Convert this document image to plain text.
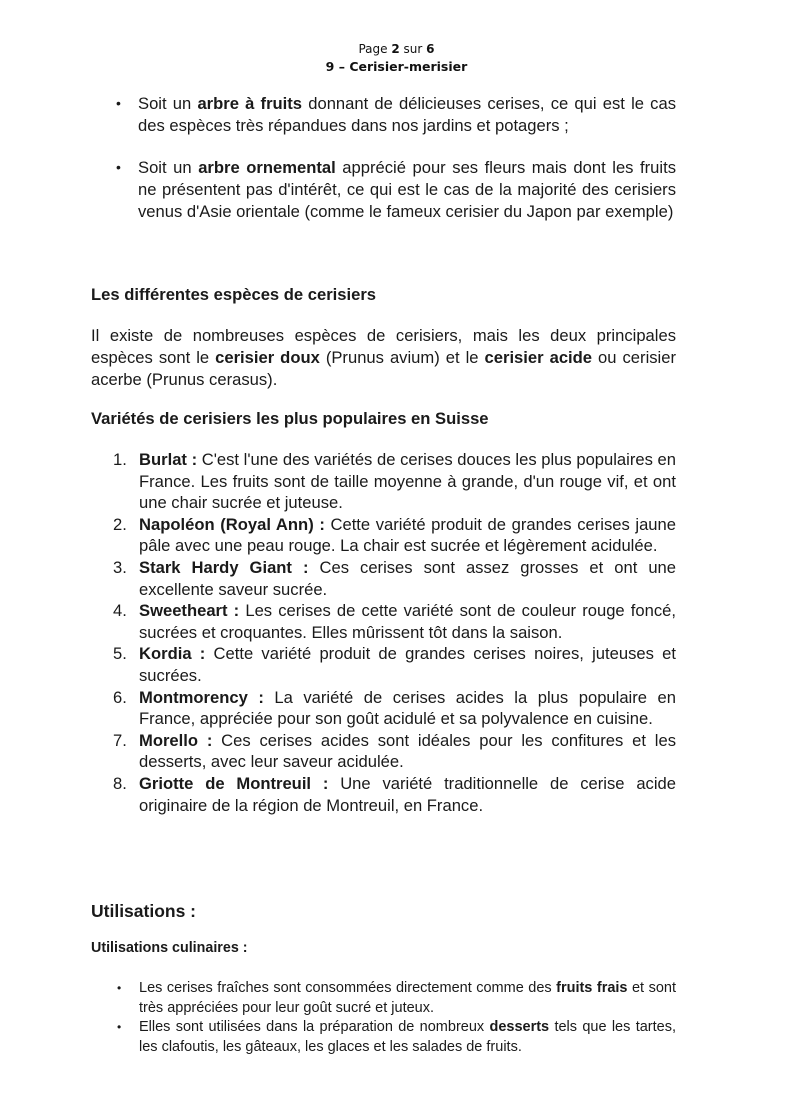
Page 2 sur 6
9 – Cerisier-merisier
• Soit un arbre à fruits donnant de délicieuses cerises, ce qui est le cas des espèces très répandues dans nos jardins et potagers ;
• Soit un arbre ornemental apprécié pour ses fleurs mais dont les fruits ne présentent pas d'intérêt, ce qui est le cas de la majorité des cerisiers venus d'Asie orientale (comme le fameux cerisier du Japon par exemple)
Les différentes espèces de cerisiers

Il existe de nombreuses espèces de cerisiers, mais les deux principales espèces sont le cerisier doux (Prunus avium) et le cerisier acide ou cerisier acerbe (Prunus cerasus).

Variétés de cerisiers les plus populaires en Suisse
1. Burlat : C'est l'une des variétés de cerises douces les plus populaires en France. Les fruits sont de taille moyenne à grande, d'un rouge vif, et ont une chair sucrée et juteuse.
2. Napoléon (Royal Ann) : Cette variété produit de grandes cerises jaune pâle avec une peau rouge. La chair est sucrée et légèrement acidulée.
3. Stark Hardy Giant : Ces cerises sont assez grosses et ont une excellente saveur sucrée.
4. Sweetheart : Les cerises de cette variété sont de couleur rouge foncé, sucrées et croquantes. Elles mûrissent tôt dans la saison.
5. Kordia : Cette variété produit de grandes cerises noires, juteuses et sucrées.
6. Montmorency : La variété de cerises acides la plus populaire en France, appréciée pour son goût acidulé et sa polyvalence en cuisine.
7. Morello : Ces cerises acides sont idéales pour les confitures et les desserts, avec leur saveur acidulée.
8. Griotte de Montreuil : Une variété traditionnelle de cerise acide originaire de la région de Montreuil, en France.
Utilisations :
Utilisations culinaires :
• Les cerises fraîches sont consommées directement comme des fruits frais et sont très appréciées pour leur goût sucré et juteux.
• Elles sont utilisées dans la préparation de nombreux desserts tels que les tartes, les clafoutis, les gâteaux, les glaces et les salades de fruits.
